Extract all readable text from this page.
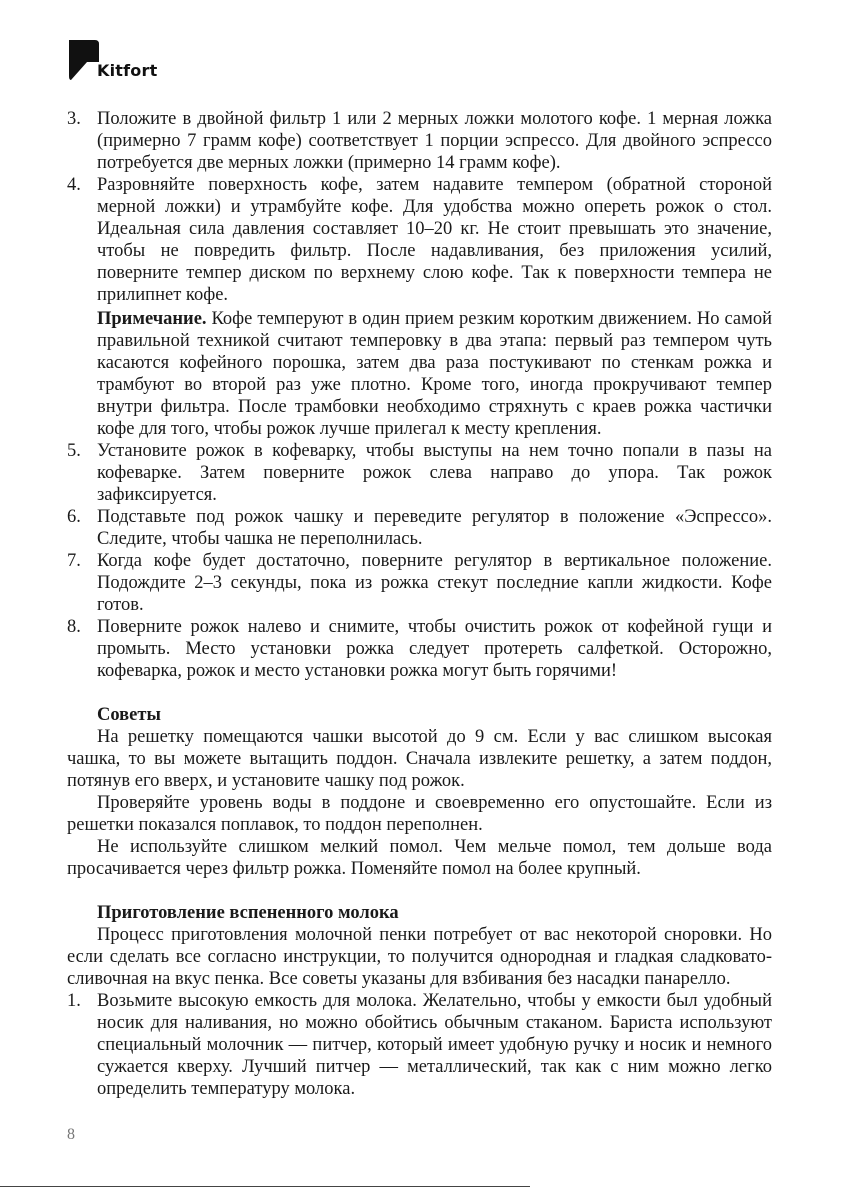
Kitfort
3. Положите в двойной фильтр 1 или 2 мерных ложки молотого кофе. 1 мерная ложка (примерно 7 грамм кофе) соответствует 1 порции эспрессо. Для двойного эспрессо потребуется две мерных ложки (примерно 14 грамм кофе).
4. Разровняйте поверхность кофе, затем надавите темпером (обратной стороной мерной ложки) и утрамбуйте кофе. Для удобства можно опереть рожок о стол. Идеальная сила давления составляет 10–20 кг. Не стоит превышать это значение, чтобы не повредить фильтр. После надавливания, без приложения усилий, поверните темпер диском по верхнему слою кофе. Так к поверхности темпера не прилипнет кофе.
Примечание. Кофе темперуют в один прием резким коротким движением. Но самой правильной техникой считают темперовку в два этапа: первый раз темпером чуть касаются кофейного порошка, затем два раза постукивают по стенкам рожка и трамбуют во второй раз уже плотно. Кроме того, иногда прокручивают темпер внутри фильтра. После трамбовки необходимо стряхнуть с краев рожка частички кофе для того, чтобы рожок лучше прилегал к месту крепления.
5. Установите рожок в кофеварку, чтобы выступы на нем точно попали в пазы на кофеварке. Затем поверните рожок слева направо до упора. Так рожок зафиксируется.
6. Подставьте под рожок чашку и переведите регулятор в положение «Эспрессо». Следите, чтобы чашка не переполнилась.
7. Когда кофе будет достаточно, поверните регулятор в вертикальное положение. Подождите 2–3 секунды, пока из рожка стекут последние капли жидкости. Кофе готов.
8. Поверните рожок налево и снимите, чтобы очистить рожок от кофейной гущи и промыть. Место установки рожка следует протереть салфеткой. Осторожно, кофеварка, рожок и место установки рожка могут быть горячими!
Советы
На решетку помещаются чашки высотой до 9 см. Если у вас слишком высокая чашка, то вы можете вытащить поддон. Сначала извлеките решетку, а затем поддон, потянув его вверх, и установите чашку под рожок.
Проверяйте уровень воды в поддоне и своевременно его опустошайте. Если из решетки показался поплавок, то поддон переполнен.
Не используйте слишком мелкий помол. Чем мельче помол, тем дольше вода просачивается через фильтр рожка. Поменяйте помол на более крупный.
Приготовление вспененного молока
Процесс приготовления молочной пенки потребует от вас некоторой сноровки. Но если сделать все согласно инструкции, то получится однородная и гладкая сладковато-сливочная на вкус пенка. Все советы указаны для взбивания без насадки панарелло.
1. Возьмите высокую емкость для молока. Желательно, чтобы у емкости был удобный носик для наливания, но можно обойтись обычным стаканом. Бариста используют специальный молочник — питчер, который имеет удобную ручку и носик и немного сужается кверху. Лучший питчер — металлический, так как с ним можно легко определить температуру молока.
8
